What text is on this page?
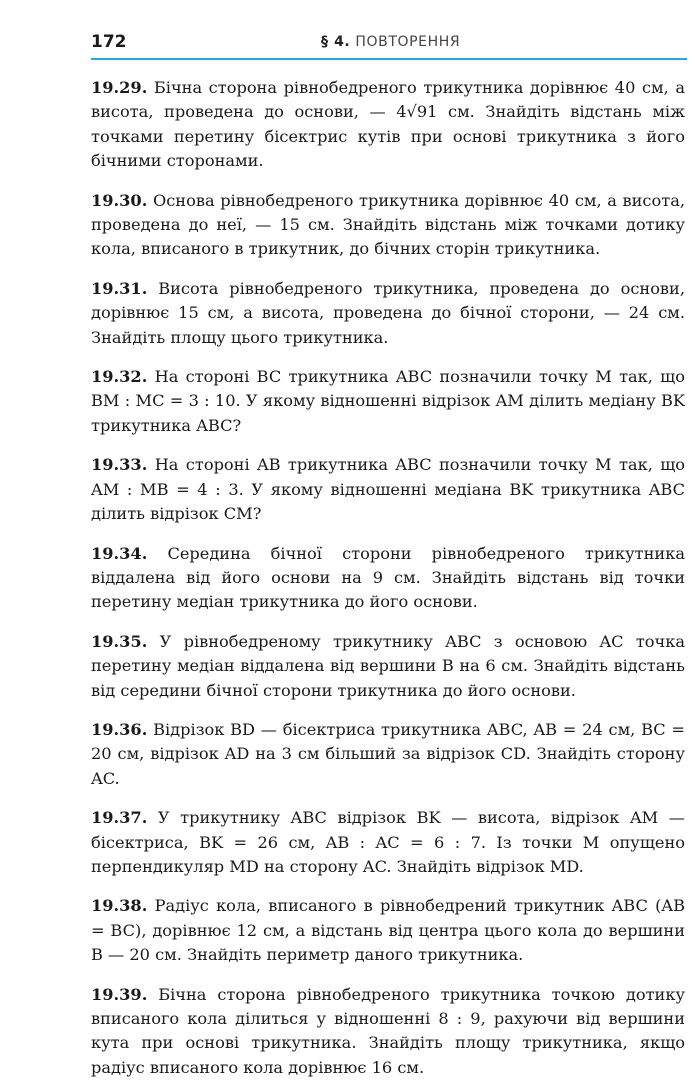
172	§ 4. ПОВТОРЕННЯ

19.29. Бічна сторона рівнобедреного трикутника дорівнює 40 см, а висота, проведена до основи, — 4√91 см. Знайдіть відстань між точками перетину бісектрис кутів при основі трикутника з його бічними сторонами.

19.30. Основа рівнобедреного трикутника дорівнює 40 см, а висота, проведена до неї, — 15 см. Знайдіть відстань між точками дотику кола, вписаного в трикутник, до бічних сторін трикутника.

19.31. Висота рівнобедреного трикутника, проведена до основи, дорівнює 15 см, а висота, проведена до бічної сторони, — 24 см. Знайдіть площу цього трикутника.

19.32. На стороні BC трикутника ABC позначили точку M так, що BM : MC = 3 : 10. У якому відношенні відрізок AM ділить медіану BK трикутника ABC?

19.33. На стороні AB трикутника ABC позначили точку M так, що AM : MB = 4 : 3. У якому відношенні медіана BK трикутника ABC ділить відрізок CM?

19.34. Середина бічної сторони рівнобедреного трикутника віддалена від його основи на 9 см. Знайдіть відстань від точки перетину медіан трикутника до його основи.

19.35. У рівнобедреному трикутнику ABC з основою AC точка перетину медіан віддалена від вершини B на 6 см. Знайдіть відстань від середини бічної сторони трикутника до його основи.

19.36. Відрізок BD — бісектриса трикутника ABC, AB = 24 см, BC = 20 см, відрізок AD на 3 см більший за відрізок CD. Знайдіть сторону AC.

19.37. У трикутнику ABC відрізок BK — висота, відрізок AM — бісектриса, BK = 26 см, AB : AC = 6 : 7. Із точки M опущено перпендикуляр MD на сторону AC. Знайдіть відрізок MD.

19.38. Радіус кола, вписаного в рівнобедрений трикутник ABC (AB = BC), дорівнює 12 см, а відстань від центра цього кола до вершини B — 20 см. Знайдіть периметр даного трикутника.

19.39. Бічна сторона рівнобедреного трикутника точкою дотику вписаного кола ділиться у відношенні 8 : 9, рахуючи від вершини кута при основі трикутника. Знайдіть площу трикутника, якщо радіус вписаного кола дорівнює 16 см.
